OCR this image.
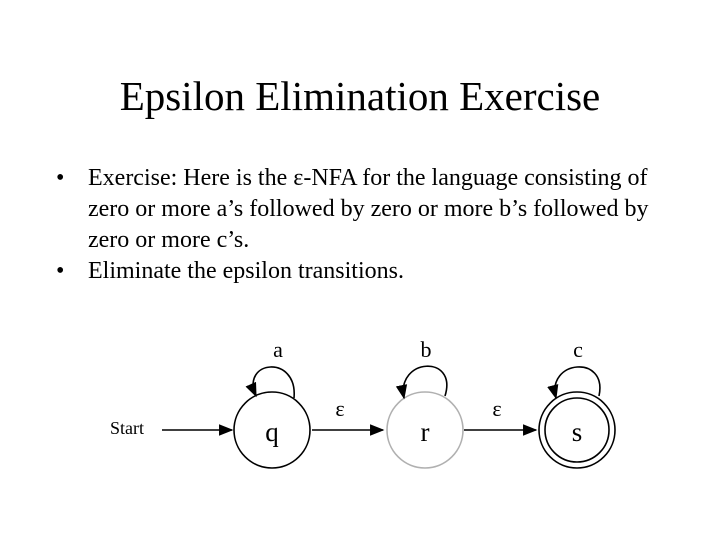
Epsilon Elimination Exercise
• Exercise: Here is the ε-NFA for the language consisting of zero or more a’s followed by zero or more b’s followed by zero or more c’s.
• Eliminate the epsilon transitions.
Start	q
a
ε
r
b
ε
s
c
